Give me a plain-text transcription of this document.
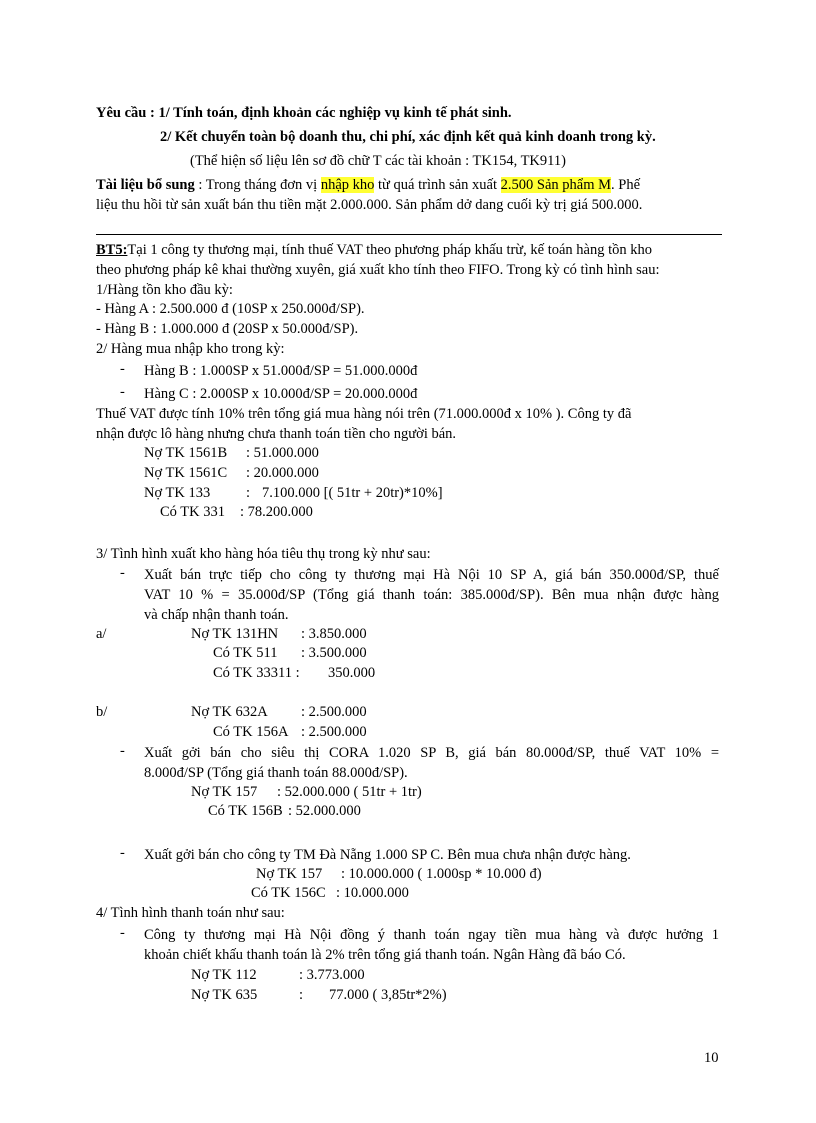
Yêu cầu : 1/ Tính toán, định khoản các nghiệp vụ kinh tế phát sinh.
2/ Kết chuyển toàn bộ doanh thu, chi phí, xác định kết quả kinh doanh trong kỳ.
(Thể hiện số liệu lên sơ đồ chữ T các tài khoản : TK154, TK911)
Tài liệu bổ sung : Trong tháng đơn vị nhập kho từ quá trình sản xuất 2.500 Sản phẩm M. Phế
liệu thu hồi từ sản xuất bán thu tiền mặt 2.000.000. Sản phẩm dở dang cuối kỳ trị giá 500.000.
BT5:Tại 1 công ty thương mại, tính thuế VAT theo phương pháp khấu trừ, kế toán hàng tồn kho
theo phương pháp kê khai thường xuyên, giá xuất kho tính theo FIFO. Trong kỳ có tình hình sau:
1/Hàng tồn kho đầu kỳ:
- Hàng A : 2.500.000 đ (10SP x 250.000đ/SP).
- Hàng B : 1.000.000 đ (20SP x 50.000đ/SP).
2/ Hàng mua nhập kho trong kỳ:
- Hàng B : 1.000SP x 51.000đ/SP = 51.000.000đ
- Hàng C : 2.000SP x 10.000đ/SP = 20.000.000đ
Thuế VAT được tính 10% trên tổng giá mua hàng nói trên (71.000.000đ x 10% ). Công ty đã
nhận được lô hàng nhưng chưa thanh toán tiền cho người bán.
Nợ TK 1561B : 51.000.000
Nợ TK 1561C : 20.000.000
Nợ TK 133 : 7.100.000 [( 51tr + 20tr)*10%]
Có TK 331 : 78.200.000
3/ Tình hình xuất kho hàng hóa tiêu thụ trong kỳ như sau:
- Xuất bán trực tiếp cho công ty thương mại Hà Nội 10 SP A, giá bán 350.000đ/SP, thuế
VAT 10 % = 35.000đ/SP (Tổng giá thanh toán: 385.000đ/SP). Bên mua nhận được hàng
và chấp nhận thanh toán.
a/	Nợ TK 131HN : 3.850.000
Có TK 511 : 3.500.000
Có TK 33311 : 350.000
b/	Nợ TK 632A : 2.500.000
Có TK 156A : 2.500.000
- Xuất gởi bán cho siêu thị CORA 1.020 SP B, giá bán 80.000đ/SP, thuế VAT 10% =
8.000đ/SP (Tổng giá thanh toán 88.000đ/SP).
Nợ TK 157 : 52.000.000 ( 51tr + 1tr)
Có TK 156B : 52.000.000
- Xuất gởi bán cho công ty TM Đà Nẵng 1.000 SP C. Bên mua chưa nhận được hàng.
Nợ TK 157 : 10.000.000 ( 1.000sp * 10.000 đ)
Có TK 156C : 10.000.000
4/ Tình hình thanh toán như sau:
- Công ty thương mại Hà Nội đồng ý thanh toán ngay tiền mua hàng và được hưởng 1
khoản chiết khấu thanh toán là 2% trên tổng giá thanh toán. Ngân Hàng đã báo Có.
Nợ TK 112	: 3.773.000
Nợ TK 635	: 77.000 ( 3,85tr*2%)
10
